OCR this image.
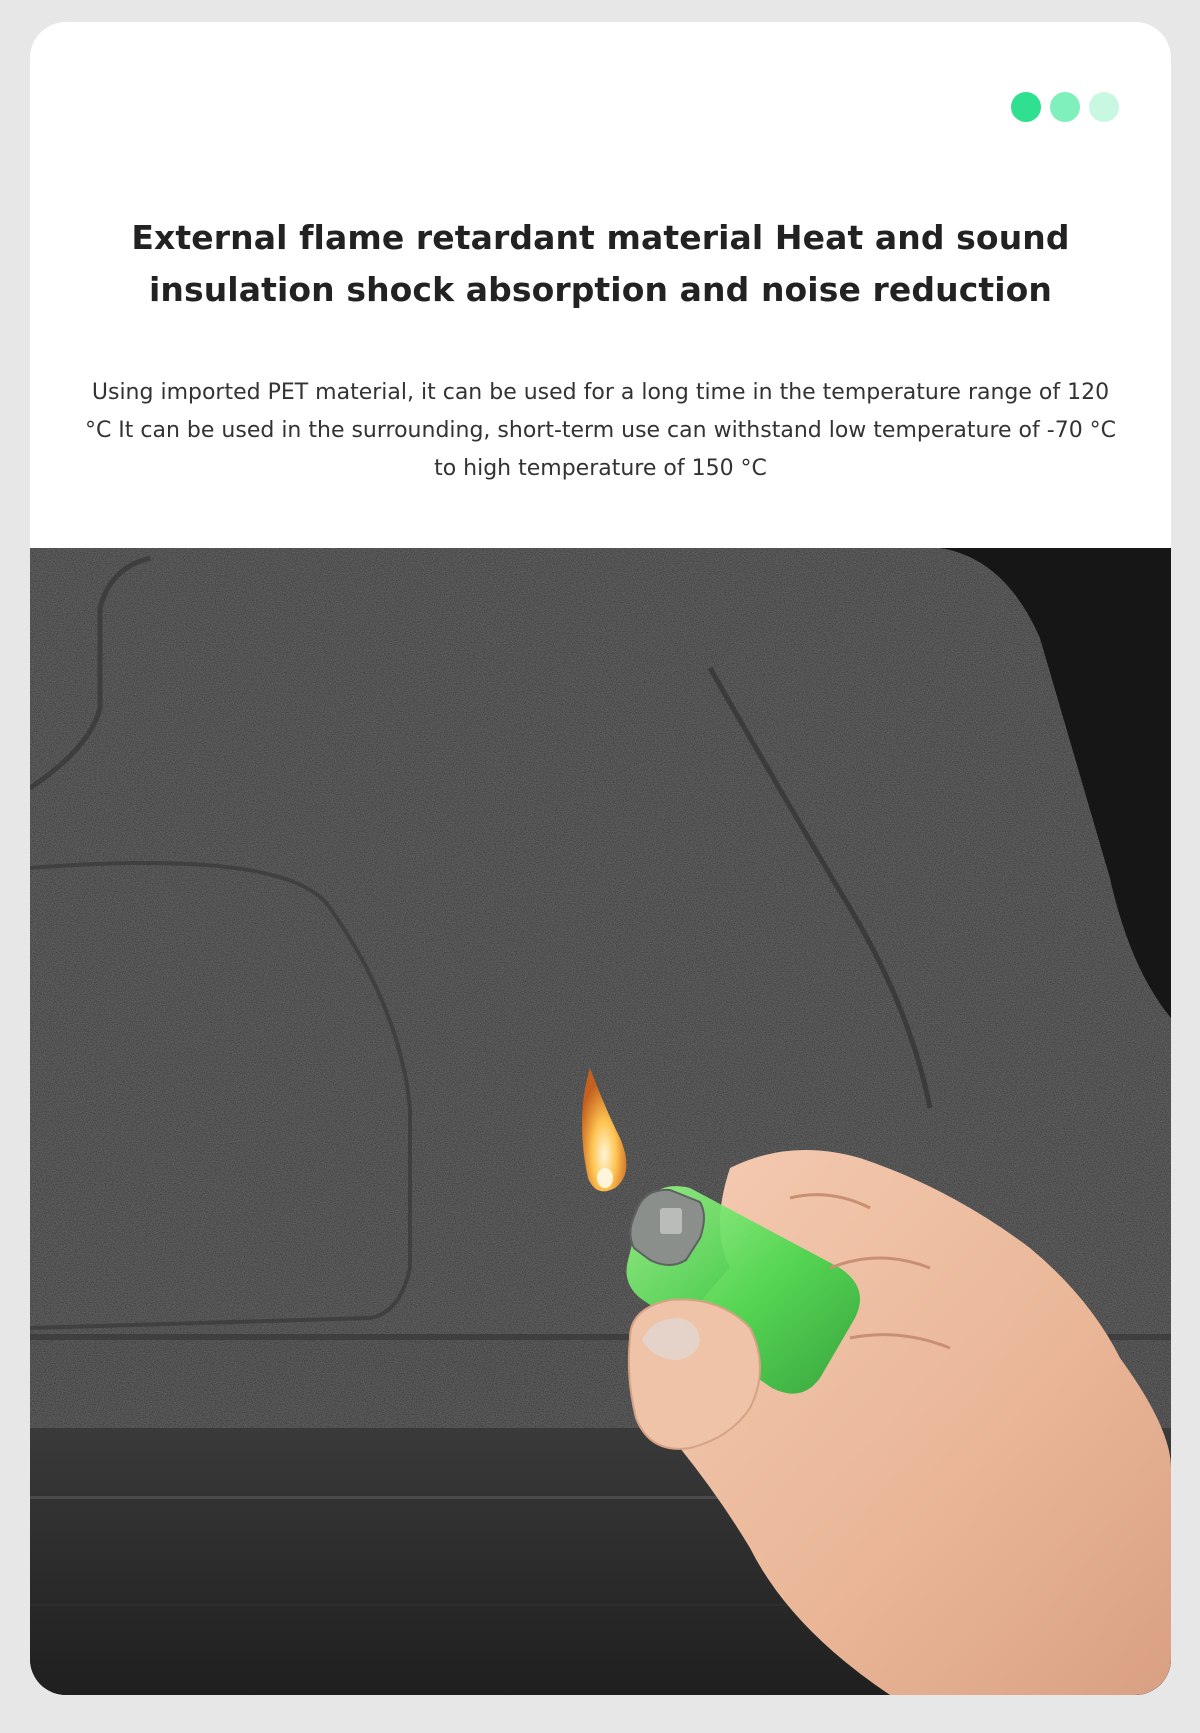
External flame retardant material Heat and sound insulation shock absorption and noise reduction

Using imported PET material, it can be used for a long time in the temperature range of 120 °C It can be used in the surrounding, short-term use can withstand low temperature of -70 °C to high temperature of 150 °C
